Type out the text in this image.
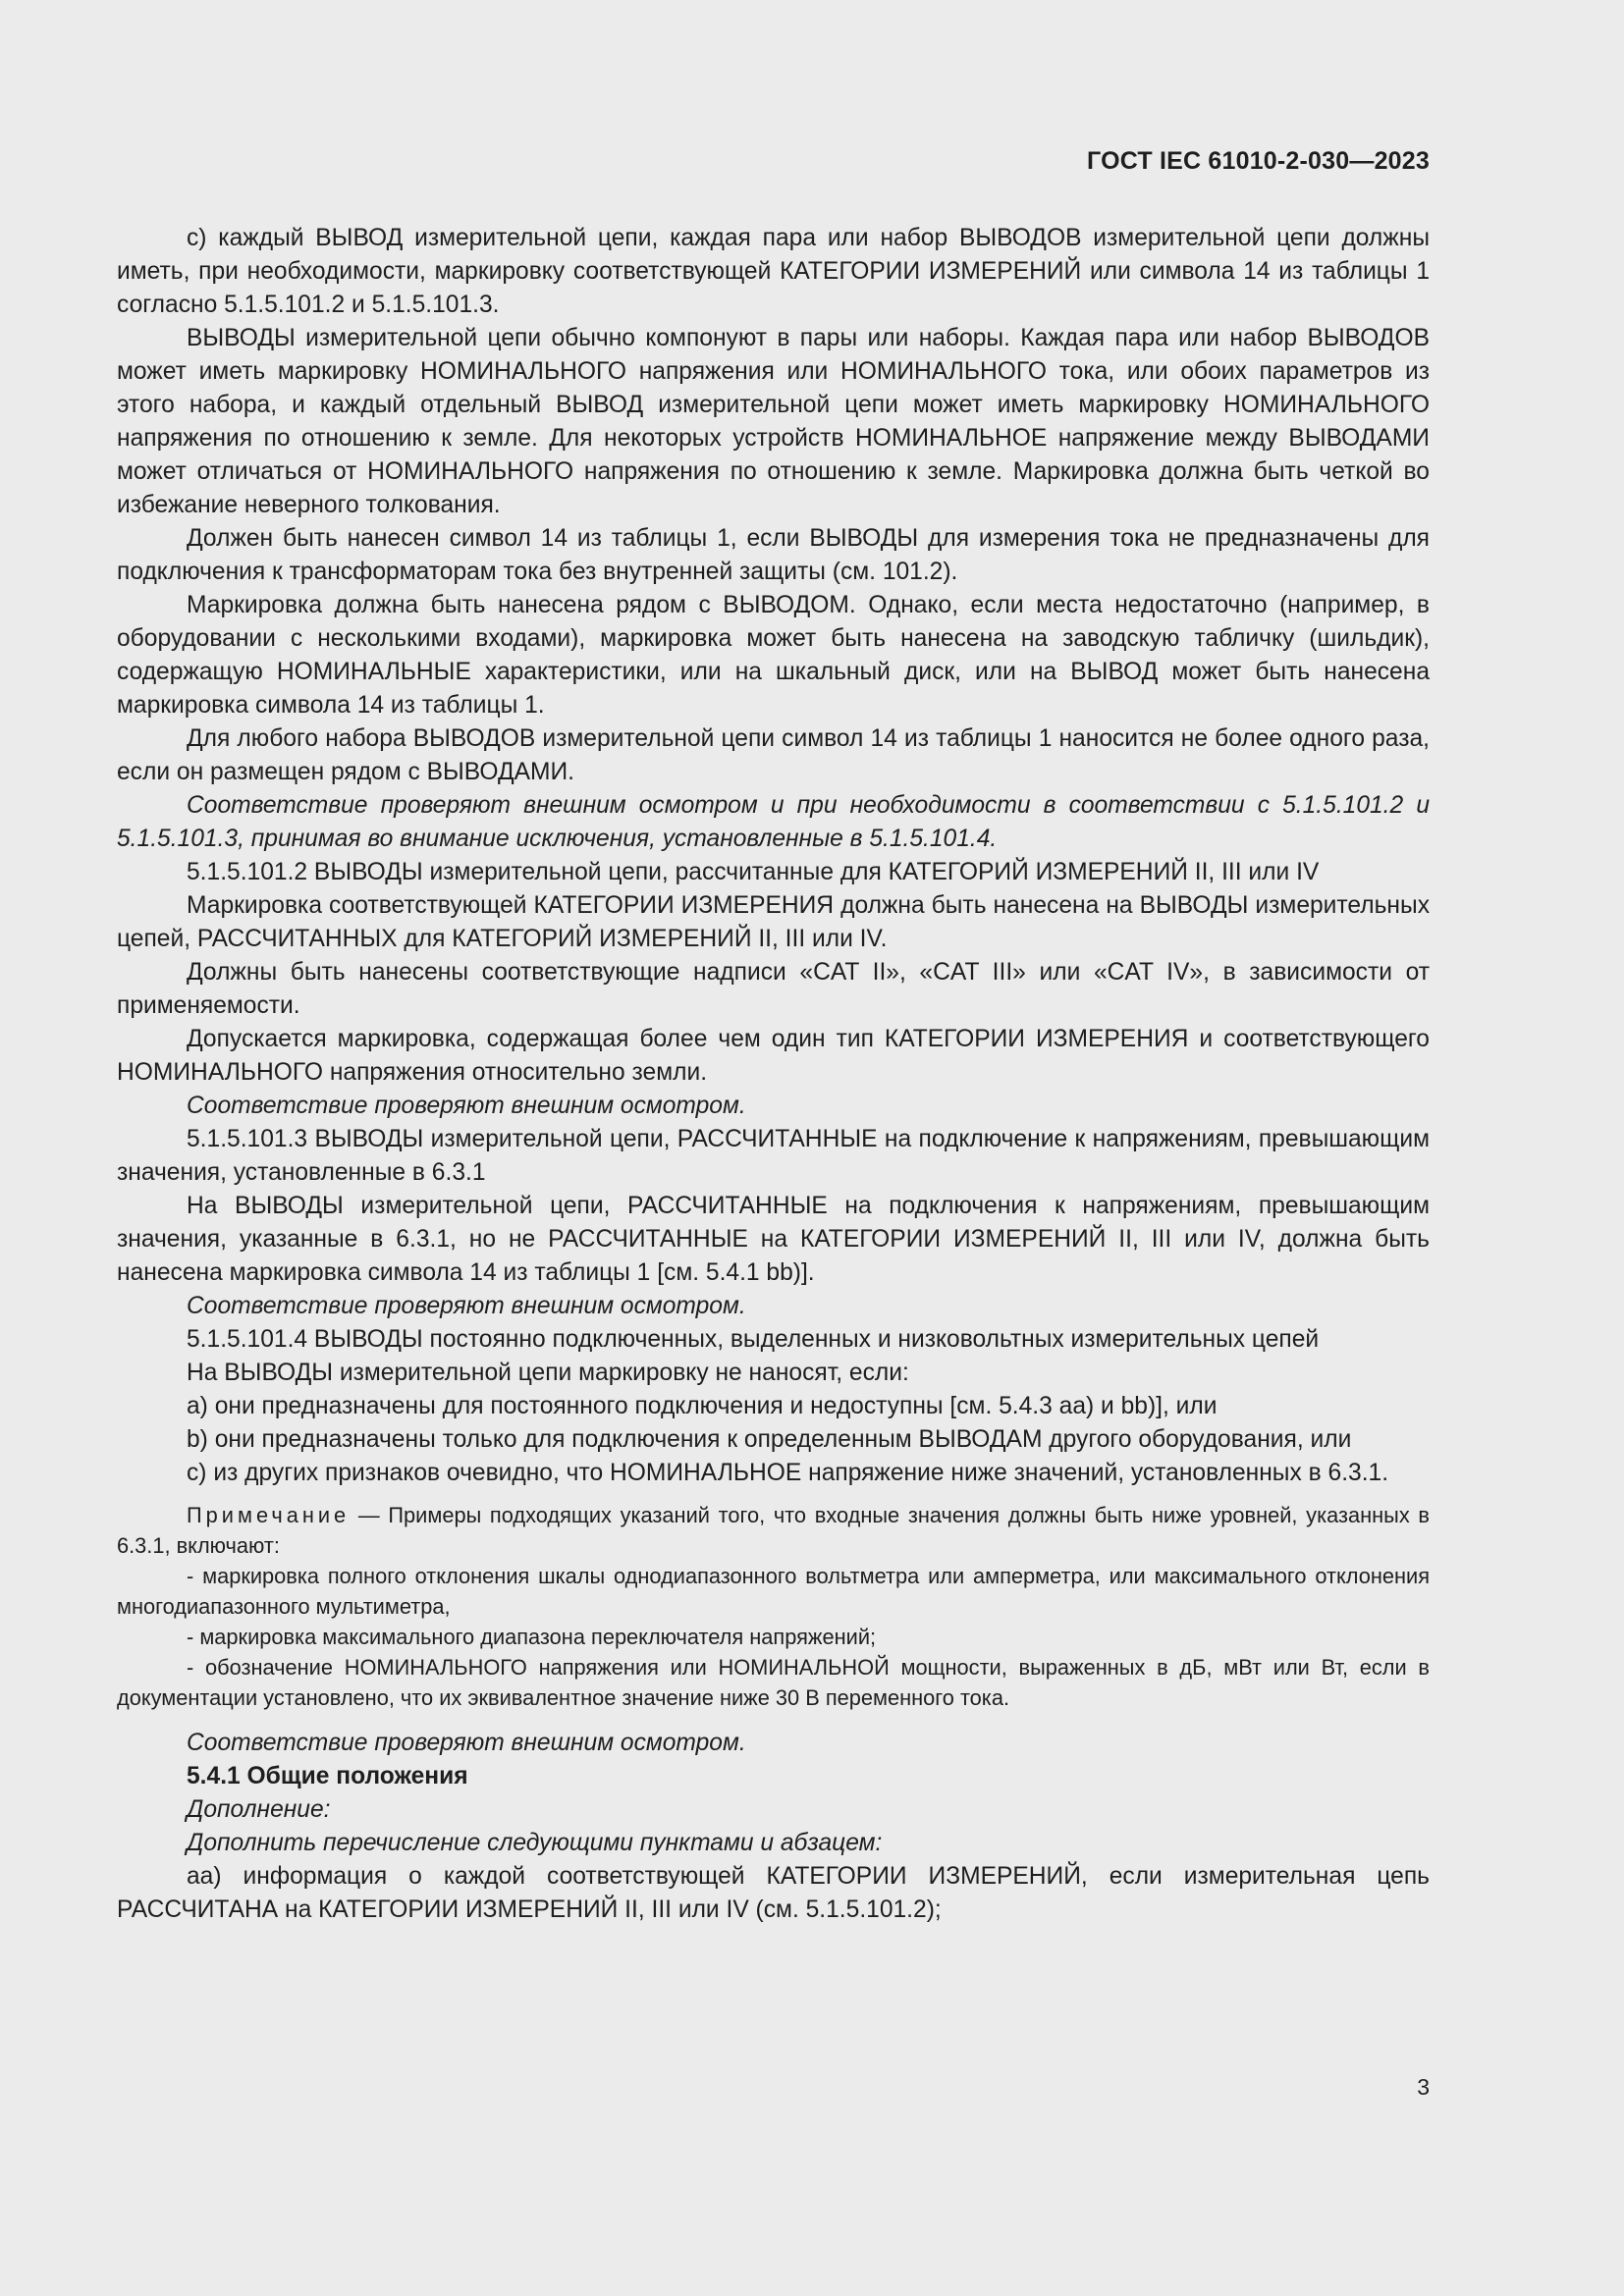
ГОСТ IEC 61010-2-030—2023

с) каждый ВЫВОД измерительной цепи, каждая пара или набор ВЫВОДОВ измерительной цепи должны иметь, при необходимости, маркировку соответствующей КАТЕГОРИИ ИЗМЕРЕНИЙ или символа 14 из таблицы 1 согласно 5.1.5.101.2 и 5.1.5.101.3.

ВЫВОДЫ измерительной цепи обычно компонуют в пары или наборы. Каждая пара или набор ВЫВОДОВ может иметь маркировку НОМИНАЛЬНОГО напряжения или НОМИНАЛЬНОГО тока, или обоих параметров из этого набора, и каждый отдельный ВЫВОД измерительной цепи может иметь маркировку НОМИНАЛЬНОГО напряжения по отношению к земле. Для некоторых устройств НОМИНАЛЬНОЕ напряжение между ВЫВОДАМИ может отличаться от НОМИНАЛЬНОГО напряжения по отношению к земле. Маркировка должна быть четкой во избежание неверного толкования.

Должен быть нанесен символ 14 из таблицы 1, если ВЫВОДЫ для измерения тока не предназначены для подключения к трансформаторам тока без внутренней защиты (см. 101.2).

Маркировка должна быть нанесена рядом с ВЫВОДОМ. Однако, если места недостаточно (например, в оборудовании с несколькими входами), маркировка может быть нанесена на заводскую табличку (шильдик), содержащую НОМИНАЛЬНЫЕ характеристики, или на шкальный диск, или на ВЫВОД может быть нанесена маркировка символа 14 из таблицы 1.

Для любого набора ВЫВОДОВ измерительной цепи символ 14 из таблицы 1 наносится не более одного раза, если он размещен рядом с ВЫВОДАМИ.

Соответствие проверяют внешним осмотром и при необходимости в соответствии с 5.1.5.101.2 и 5.1.5.101.3, принимая во внимание исключения, установленные в 5.1.5.101.4.

5.1.5.101.2 ВЫВОДЫ измерительной цепи, рассчитанные для КАТЕГОРИЙ ИЗМЕРЕНИЙ II, III или IV

Маркировка соответствующей КАТЕГОРИИ ИЗМЕРЕНИЯ должна быть нанесена на ВЫВОДЫ измерительных цепей, РАССЧИТАННЫХ для КАТЕГОРИЙ ИЗМЕРЕНИЙ II, III или IV.

Должны быть нанесены соответствующие надписи «CAT II», «CAT III» или «CAT IV», в зависимости от применяемости.

Допускается маркировка, содержащая более чем один тип КАТЕГОРИИ ИЗМЕРЕНИЯ и соответствующего НОМИНАЛЬНОГО напряжения относительно земли.

Соответствие проверяют внешним осмотром.

5.1.5.101.3 ВЫВОДЫ измерительной цепи, РАССЧИТАННЫЕ на подключение к напряжениям, превышающим значения, установленные в 6.3.1

На ВЫВОДЫ измерительной цепи, РАССЧИТАННЫЕ на подключения к напряжениям, превышающим значения, указанные в 6.3.1, но не РАССЧИТАННЫЕ на КАТЕГОРИИ ИЗМЕРЕНИЙ II, III или IV, должна быть нанесена маркировка символа 14 из таблицы 1 [см. 5.4.1 bb)].

Соответствие проверяют внешним осмотром.

5.1.5.101.4 ВЫВОДЫ постоянно подключенных, выделенных и низковольтных измерительных цепей

На ВЫВОДЫ измерительной цепи маркировку не наносят, если:

а) они предназначены для постоянного подключения и недоступны [см. 5.4.3 аа) и bb)], или

b) они предназначены только для подключения к определенным ВЫВОДАМ другого оборудования, или

с) из других признаков очевидно, что НОМИНАЛЬНОЕ напряжение ниже значений, установленных в 6.3.1.

Примечание — Примеры подходящих указаний того, что входные значения должны быть ниже уровней, указанных в 6.3.1, включают:

- маркировка полного отклонения шкалы однодиапазонного вольтметра или амперметра, или максимального отклонения многодиапазонного мультиметра,

- маркировка максимального диапазона переключателя напряжений;

- обозначение НОМИНАЛЬНОГО напряжения или НОМИНАЛЬНОЙ мощности, выраженных в дБ, мВт или Вт, если в документации установлено, что их эквивалентное значение ниже 30 В переменного тока.

Соответствие проверяют внешним осмотром.

5.4.1 Общие положения

Дополнение:

Дополнить перечисление следующими пунктами и абзацем:

аа) информация о каждой соответствующей КАТЕГОРИИ ИЗМЕРЕНИЙ, если измерительная цепь РАССЧИТАНА на КАТЕГОРИИ ИЗМЕРЕНИЙ II, III или IV (см. 5.1.5.101.2);

3
